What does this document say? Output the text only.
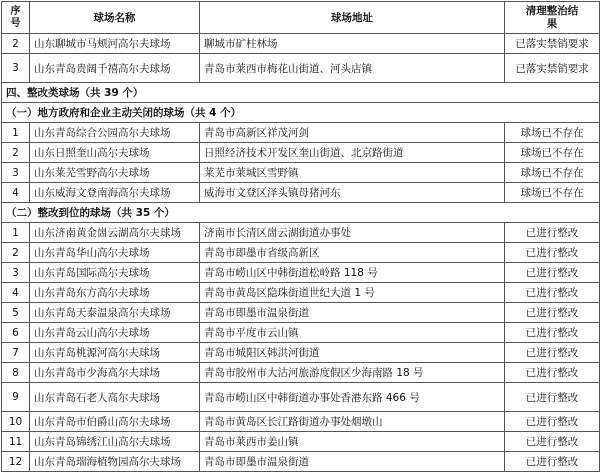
序号	球场名称	球场地址	清理整治结果
2	山东聊城市马颊河高尔夫球场	聊城市矿柱林场	已落实禁销要求
3	山东青岛贵阔千禧高尔夫球场	青岛市莱西市梅花山街道、河头店镇	已落实禁销要求
四、整改类球场（共 39 个）			
（一）地方政府和企业主动关闭的球场（共 4 个）			
1	山东青岛综合公园高尔夫球场	青岛市高新区祥茂河剑	球场已不存在
2	山东日照奎山高尔夫球场	日照经济技术开发区奎山街道、北京路街道	球场已不存在
3	山东莱芜雪野高尔夫球场	莱芜市莱城区雪野镇	球场已不存在
4	山东威海文登南海高尔夫球场	威海市文登区泽头镇母猪河东	球场已不存在
（二）整改到位的球场（共 35 个）			
1	山东济南黄金崮云湖高尔夫球场	济南市长清区崮云湖街道办事处	已进行整改
2	山东青岛华山高尔夫球场	青岛市即墨市省级高新区	已进行整改
3	山东青岛国际高尔夫球场	青岛市崂山区中韩街道松岭路 118 号	已进行整改
4	山东青岛东方高尔夫球场	青岛市黄岛区隐珠街道世纪大道 1 号	已进行整改
5	山东青岛天泰温泉高尔夫球场	青岛市即墨市温泉街道	已进行整改
6	山东青岛云山高尔夫球场	青岛市平度市云山镇	已进行整改
7	山东青岛桃源河高尔夫球场	青岛市城阳区韩洪河街道	已进行整改
8	山东青岛市少海高尔夫球场	青岛市胶州市大沽河旅游度假区少海南路 18 号	已进行整改
9	山东青岛石老人高尔夫球场	青岛市崂山区中韩街道办事处香港东路 466 号	已进行整改
10	山东青岛市伯爵山高尔夫球场	青岛市黄岛区长江路街道办事处烟墩山	已进行整改
11	山东青岛锦绣江山高尔夫球场	青岛市莱西市姜山镇	已进行整改
12	山东青岛瑞海植物园高尔夫球场	青岛市即墨市温泉街道	已进行整改
